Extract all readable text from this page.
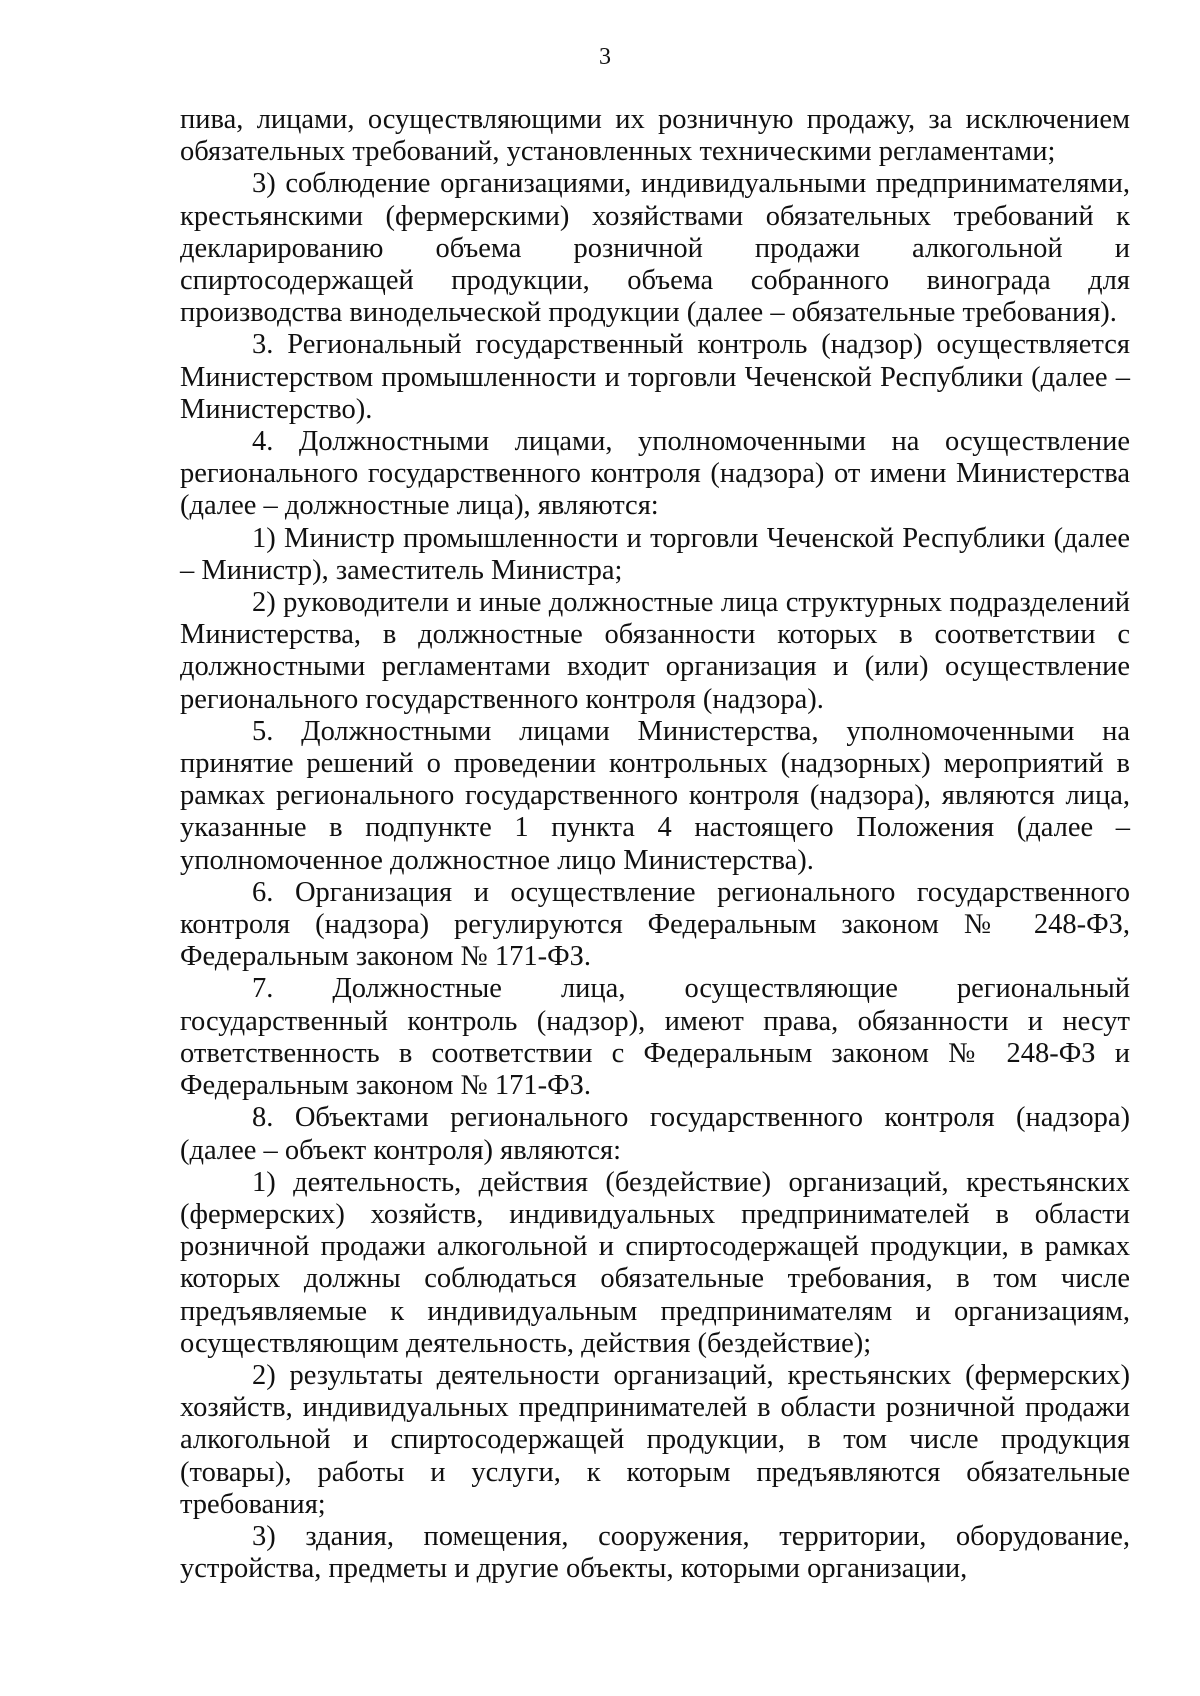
3

пива, лицами, осуществляющими их розничную продажу, за исключением обязательных требований, установленных техническими регламентами;

3) соблюдение организациями, индивидуальными предпринимателями, крестьянскими (фермерскими) хозяйствами обязательных требований к декларированию объема розничной продажи алкогольной и спиртосодержащей продукции, объема собранного винограда для производства винодельческой продукции (далее – обязательные требования).

3. Региональный государственный контроль (надзор) осуществляется Министерством промышленности и торговли Чеченской Республики (далее – Министерство).

4. Должностными лицами, уполномоченными на осуществление регионального государственного контроля (надзора) от имени Министерства (далее – должностные лица), являются:

1) Министр промышленности и торговли Чеченской Республики (далее – Министр), заместитель Министра;

2) руководители и иные должностные лица структурных подразделений Министерства, в должностные обязанности которых в соответствии с должностными регламентами входит организация и (или) осуществление регионального государственного контроля (надзора).

5. Должностными лицами Министерства, уполномоченными на принятие решений о проведении контрольных (надзорных) мероприятий в рамках регионального государственного контроля (надзора), являются лица, указанные в подпункте 1 пункта 4 настоящего Положения (далее – уполномоченное должностное лицо Министерства).

6. Организация и осуществление регионального государственного контроля (надзора) регулируются Федеральным законом № 248-ФЗ, Федеральным законом № 171-ФЗ.

7. Должностные лица, осуществляющие региональный государственный контроль (надзор), имеют права, обязанности и несут ответственность в соответствии с Федеральным законом № 248-ФЗ и Федеральным законом № 171-ФЗ.

8. Объектами регионального государственного контроля (надзора) (далее – объект контроля) являются:

1) деятельность, действия (бездействие) организаций, крестьянских (фермерских) хозяйств, индивидуальных предпринимателей в области розничной продажи алкогольной и спиртосодержащей продукции, в рамках которых должны соблюдаться обязательные требования, в том числе предъявляемые к индивидуальным предпринимателям и организациям, осуществляющим деятельность, действия (бездействие);

2) результаты деятельности организаций, крестьянских (фермерских) хозяйств, индивидуальных предпринимателей в области розничной продажи алкогольной и спиртосодержащей продукции, в том числе продукция (товары), работы и услуги, к которым предъявляются обязательные требования;

3) здания, помещения, сооружения, территории, оборудование, устройства, предметы и другие объекты, которыми организации,
